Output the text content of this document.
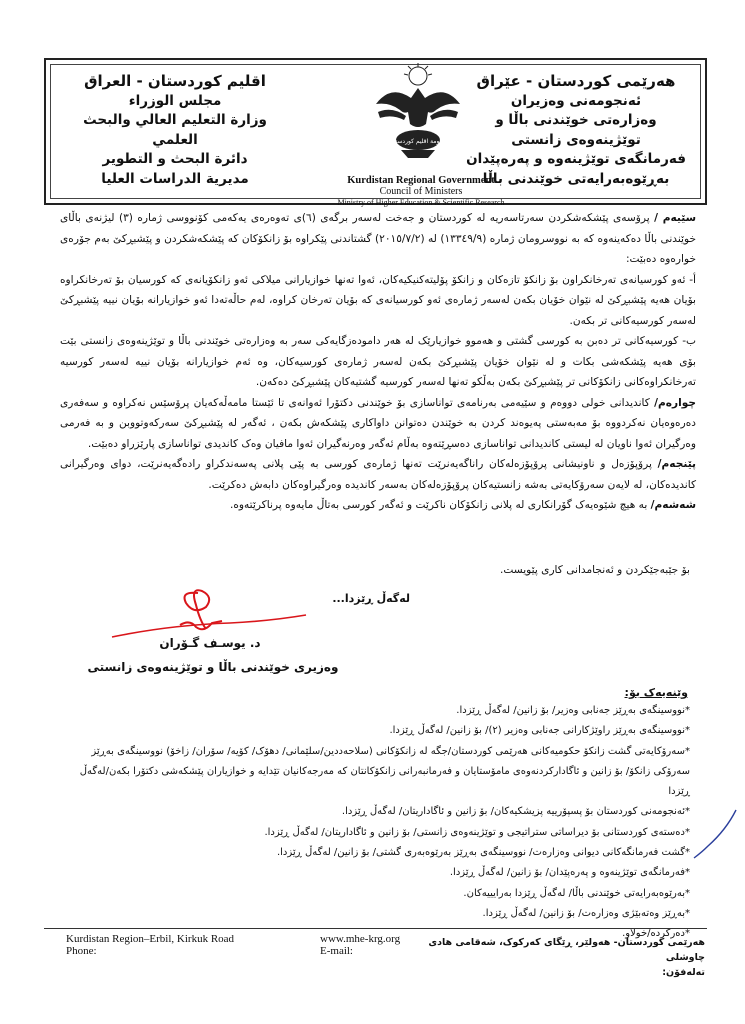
هەرێمی کوردستان - عێراق
ئەنجومەنی وەزیران
وەزارەتی خوێندنی باڵا و توێژینەوەی زانستی
فەرمانگەی توێژینەوە و پەرەپێدان
بەڕێوەبەرایەتی خوێندنی باڵا
حكومة اقليم كوردستان
Kurdistan Regional Government
Council of Ministers
Ministry of Higher Education & Scientific Research
اقليم كوردستان - العراق
مجلس الوزراء
وزارة التعليم العالي والبحث العلمي
دائرة البحث و التطوير
مديرية الدراسات العليا

سێیەم / پرۆسەی پێشکەشکردن سەرتاسەریە لە کوردستان و جەخت لەسەر برگەی (٦)ی تەوەرەی یەکەمی کۆنووسی ژمارە (٣) لیژنەی باڵای خوێندنی باڵا دەکەینەوە کە بە نووسرومان ژمارە (١٣٣٤٩/٩) لە (٢٠١٥/٧/٢) گشتاندنی پێکراوە بۆ زانکۆکان کە پێشکەشکردن و پێشبڕکێ بەم جۆرەی خوارەوە دەبێت:

أ- ئەو کورسیانەی تەرخانکراون بۆ زانکۆ تازەکان و زانکۆ پۆلیتەکنیکیەکان، ئەوا تەنها خوازیارانی میلاکی ئەو زانکۆیانەی کە کورسیان بۆ تەرخانکراوە بۆیان هەیە پێشبڕکێ لە نێوان خۆیان بکەن لەسەر ژمارەی ئەو کورسیانەی کە بۆیان تەرخان کراوە، لەم حاڵەتەدا ئەو خوازیارانە بۆیان نییە پێشبڕکێ لەسەر کورسیەکانی تر بکەن.

ب- کورسیەکانی تر دەبن بە کورسی گشتی و هەموو خوازیارێک لە هەر دامودەزگایەکی سەر بە وەزارەتی خوێندنی باڵا و توێژینەوەی زانستی بێت بۆی هەیە پێشکەشی بکات و لە نێوان خۆیان پێشبڕکێ بکەن لەسەر ژمارەی کورسیەکان، وە ئەم خوازیارانە بۆیان نییە لەسەر کورسیە تەرخانکراوەکانی زانکۆکانی تر پێشبڕکێ بکەن بەڵکو تەنها لەسەر کورسیە گشتیەکان پێشبڕکێ دەکەن.

چوارەم/ کاندیدانی خولی دووەم و سێیەمی بەرنامەی تواناسازی بۆ خوێندنی دکتۆرا ئەوانەی تا ئێستا مامەڵەکەیان پرۆسێس نەکراوە و سەفەری دەرەوەیان نەکردووە بۆ مەبەستی پەیوەند کردن بە خوێندن دەتوانن داواکاری پێشکەش بکەن ، ئەگەر لە پێشبڕکێ سەرکەوتووبن و بە فەرمی وەرگیران ئەوا ناویان لە لیستی کاندیدانی تواناسازی دەسڕێتەوە بەڵام ئەگەر وەرنەگیران ئەوا مافیان وەک کاندیدی تواناسازی پارێزراو دەبێت.

پێنجەم/ پرۆپۆزەل و ناونیشانی پرۆپۆزەلەکان راناگەیەنرێت تەنها ژمارەی کورسی بە پێی پلانی پەسەندکراو رادەگەیەنرێت، دوای وەرگیرانی کاندیدەکان، لە لایەن سەرۆکایەتی بەشە زانستیەکان پرۆپۆزەلەکان بەسەر کاندیدە وەرگیراوەکان دابەش دەکرێت.

شەشەم/ بە هیچ شێوەیەک گۆرانکاری لە پلانی زانکۆکان ناکرێت و ئەگەر کورسی بەتاڵ مایەوە پرناکرێتەوە.

بۆ جێبەجێکردن و ئەنجامدانی کاری پێویست.
لەگەڵ ڕێزدا...
د. یوسـف گـۆران
وەزیری خوێندنی باڵا و توێژینەوەی زانستی
وێنەیەک بۆ:
*نووسینگەی بەڕێز جەنابی وەزیر/ بۆ زانین/ لەگەڵ ڕێزدا.
*نووسینگەی بەڕێز راوێژکارانی جەنابی وەزیر (٢)/ بۆ زانین/ لەگەڵ ڕێزدا.
*سەرۆکایەتی گشت زانکۆ حکومیەکانی هەرێمی کوردستان/جگە لە زانکۆکانی (سلاحەددین/سلێمانی/ دهۆک/ کۆیە/ سۆران/ زاخۆ) نووسینگەی بەڕێز سەرۆکی زانکۆ/ بۆ زانین و ئاگادارکردنەوەی مامۆستایان و فەرمانبەرانی زانکۆکانتان کە مەرجەکانیان تێدایە و خوازیاران پێشکەشی دکتۆرا بکەن/لەگەڵ ڕێزدا
*ئەنجومەنی کوردستان بۆ پسپۆرییە پزیشکیەکان/ بۆ زانین و ئاگاداریتان/ لەگەڵ ڕێزدا.
*دەستەی کوردستانی بۆ دیراساتی ستراتیجی و توێژینەوەی زانستی/ بۆ زانین و ئاگاداریتان/ لەگەڵ ڕێزدا.
*گشت فەرمانگەکانی دیوانی وەزارەت/ نووسینگەی بەڕێز بەرێوەبەری گشتی/ بۆ زانین/ لەگەڵ ڕێزدا.
*فەرمانگەی توێژینەوە و پەرەپێدان/ بۆ زانین/ لەگەڵ ڕێزدا.
*بەرێوەبەرایەتی خوێندنی باڵا/ لەگەڵ ڕێزدا بەرایییەکان.
*بەڕێز وەتەبێژی وەزارەت/ بۆ زانین/ لەگەڵ ڕێزدا.
*دەرکردە/خولاو.
Kurdistan Region–Erbil, Kirkuk Road
Phone:
www.mhe-krg.org
E-mail:
هەرێمی کوردستان- هەولێر، ڕێگای کەرکوک، شەقامی هادی چاوشلی
تەلەفۆن:
